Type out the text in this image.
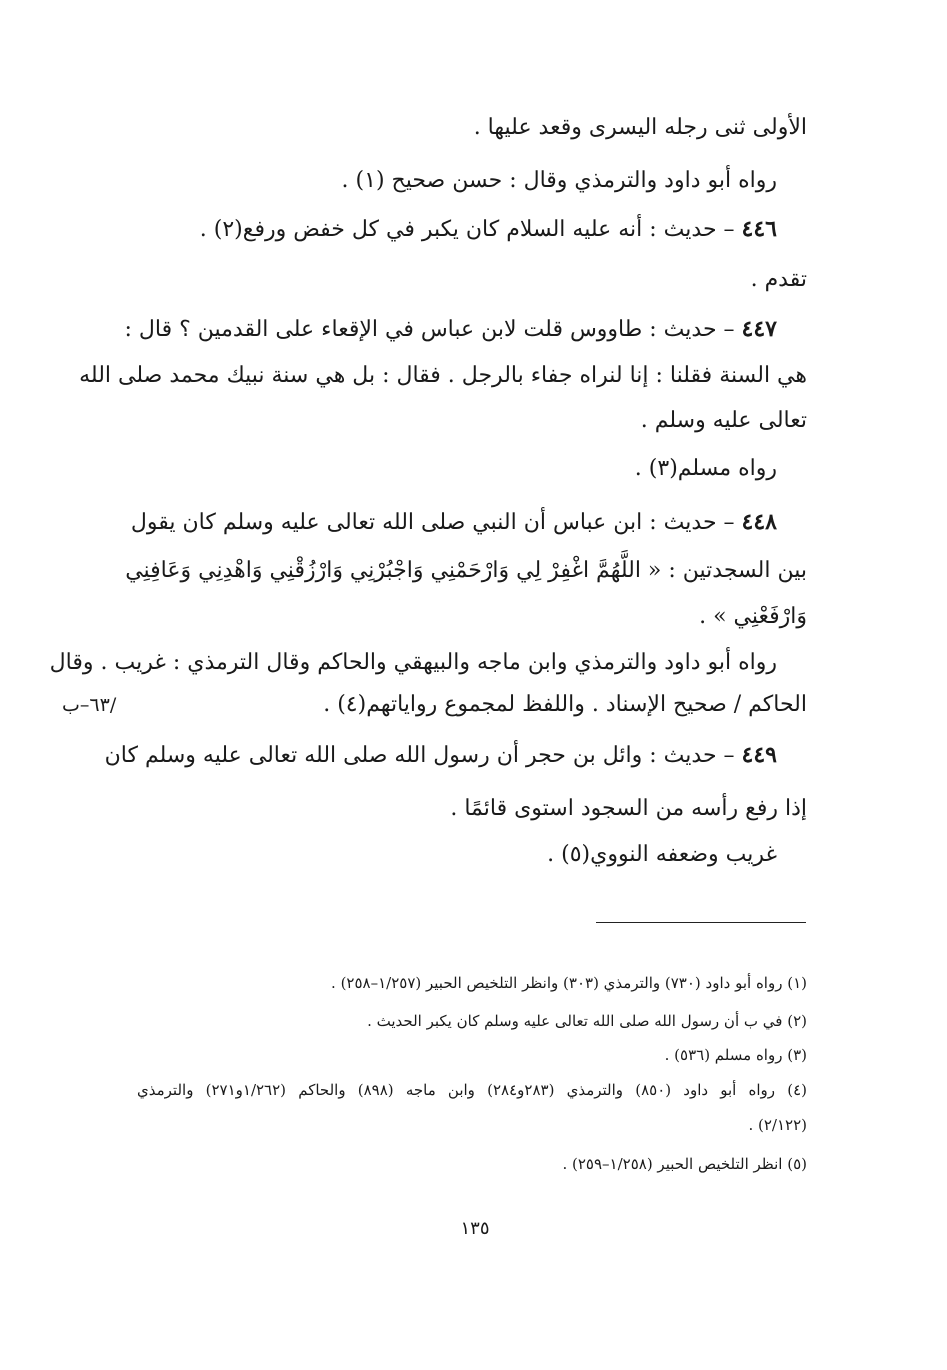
الأولى ثنى رجله اليسرى وقعد عليها .
رواه أبو داود والترمذي وقال : حسن صحيح (١) .
٤٤٦ – حديث : أنه عليه السلام كان يكبر في كل خفض ورفع(٢) .
تقدم .
٤٤٧ – حديث : طاووس قلت لابن عباس في الإقعاء على القدمين ؟ قال :
هي السنة فقلنا : إنا لنراه جفاء بالرجل . فقال : بل هي سنة نبيك محمد صلى الله
تعالى عليه وسلم .
رواه مسلم(٣) .
٤٤٨ – حديث : ابن عباس أن النبي صلى الله تعالى عليه وسلم كان يقول
بين السجدتين : « اللَّهُمَّ اغْفِرْ لِي وَارْحَمْنِي وَاجْبُرْنِي وَارْزُقْنِي وَاهْدِنِي وَعَافِنِي
وَارْفَعْنِي » .
رواه أبو داود والترمذي وابن ماجه والبيهقي والحاكم وقال الترمذي : غريب . وقال
الحاكم / صحيح الإسناد . واللفظ لمجموع رواياتهم(٤) .
/٦٣–ب
٤٤٩ – حديث : وائل بن حجر أن رسول الله صلى الله تعالى عليه وسلم كان
إذا رفع رأسه من السجود استوى قائمًا .
غريب وضعفه النووي(٥) .
(١) رواه أبو داود (٧٣٠) والترمذي (٣٠٣) وانظر التلخيص الحبير (١/٢٥٧–٢٥٨) .
(٢) في ب أن رسول الله صلى الله تعالى عليه وسلم كان يكبر الحديث .
(٣) رواه مسلم (٥٣٦) .
(٤) رواه أبو داود (٨٥٠) والترمذي (٢٨٣و٢٨٤) وابن ماجه (٨٩٨) والحاكم (١/٢٦٢و٢٧١) والترمذي
(٢/١٢٢) .
(٥) انظر التلخيص الحبير (١/٢٥٨–٢٥٩) .
١٣٥
